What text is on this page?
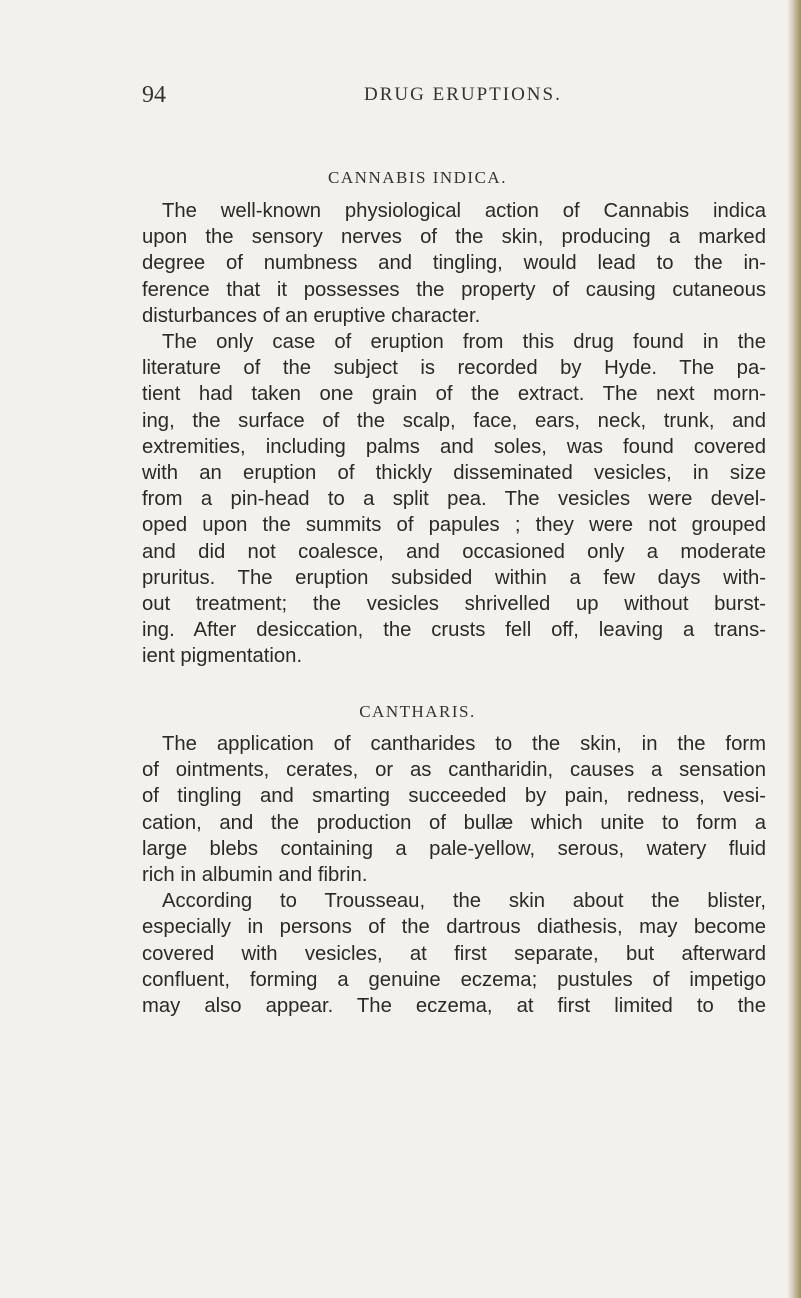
94	DRUG ERUPTIONS.
CANNABIS INDICA.
The well-known physiological action of Cannabis indica
upon the sensory nerves of the skin, producing a marked
degree of numbness and tingling, would lead to the in-
ference that it possesses the property of causing cutaneous
disturbances of an eruptive character.
The only case of eruption from this drug found in the
literature of the subject is recorded by Hyde. The pa-
tient had taken one grain of the extract. The next morn-
ing, the surface of the scalp, face, ears, neck, trunk, and
extremities, including palms and soles, was found covered
with an eruption of thickly disseminated vesicles, in size
from a pin-head to a split pea. The vesicles were devel-
oped upon the summits of papules ; they were not grouped
and did not coalesce, and occasioned only a moderate
pruritus. The eruption subsided within a few days with-
out treatment; the vesicles shrivelled up without burst-
ing. After desiccation, the crusts fell off, leaving a trans-
ient pigmentation.
CANTHARIS.
The application of cantharides to the skin, in the form
of ointments, cerates, or as cantharidin, causes a sensation
of tingling and smarting succeeded by pain, redness, vesi-
cation, and the production of bullæ which unite to form a
large blebs containing a pale-yellow, serous, watery fluid
rich in albumin and fibrin.
According to Trousseau, the skin about the blister,
especially in persons of the dartrous diathesis, may become
covered with vesicles, at first separate, but afterward
confluent, forming a genuine eczema; pustules of impetigo
may also appear. The eczema, at first limited to the
